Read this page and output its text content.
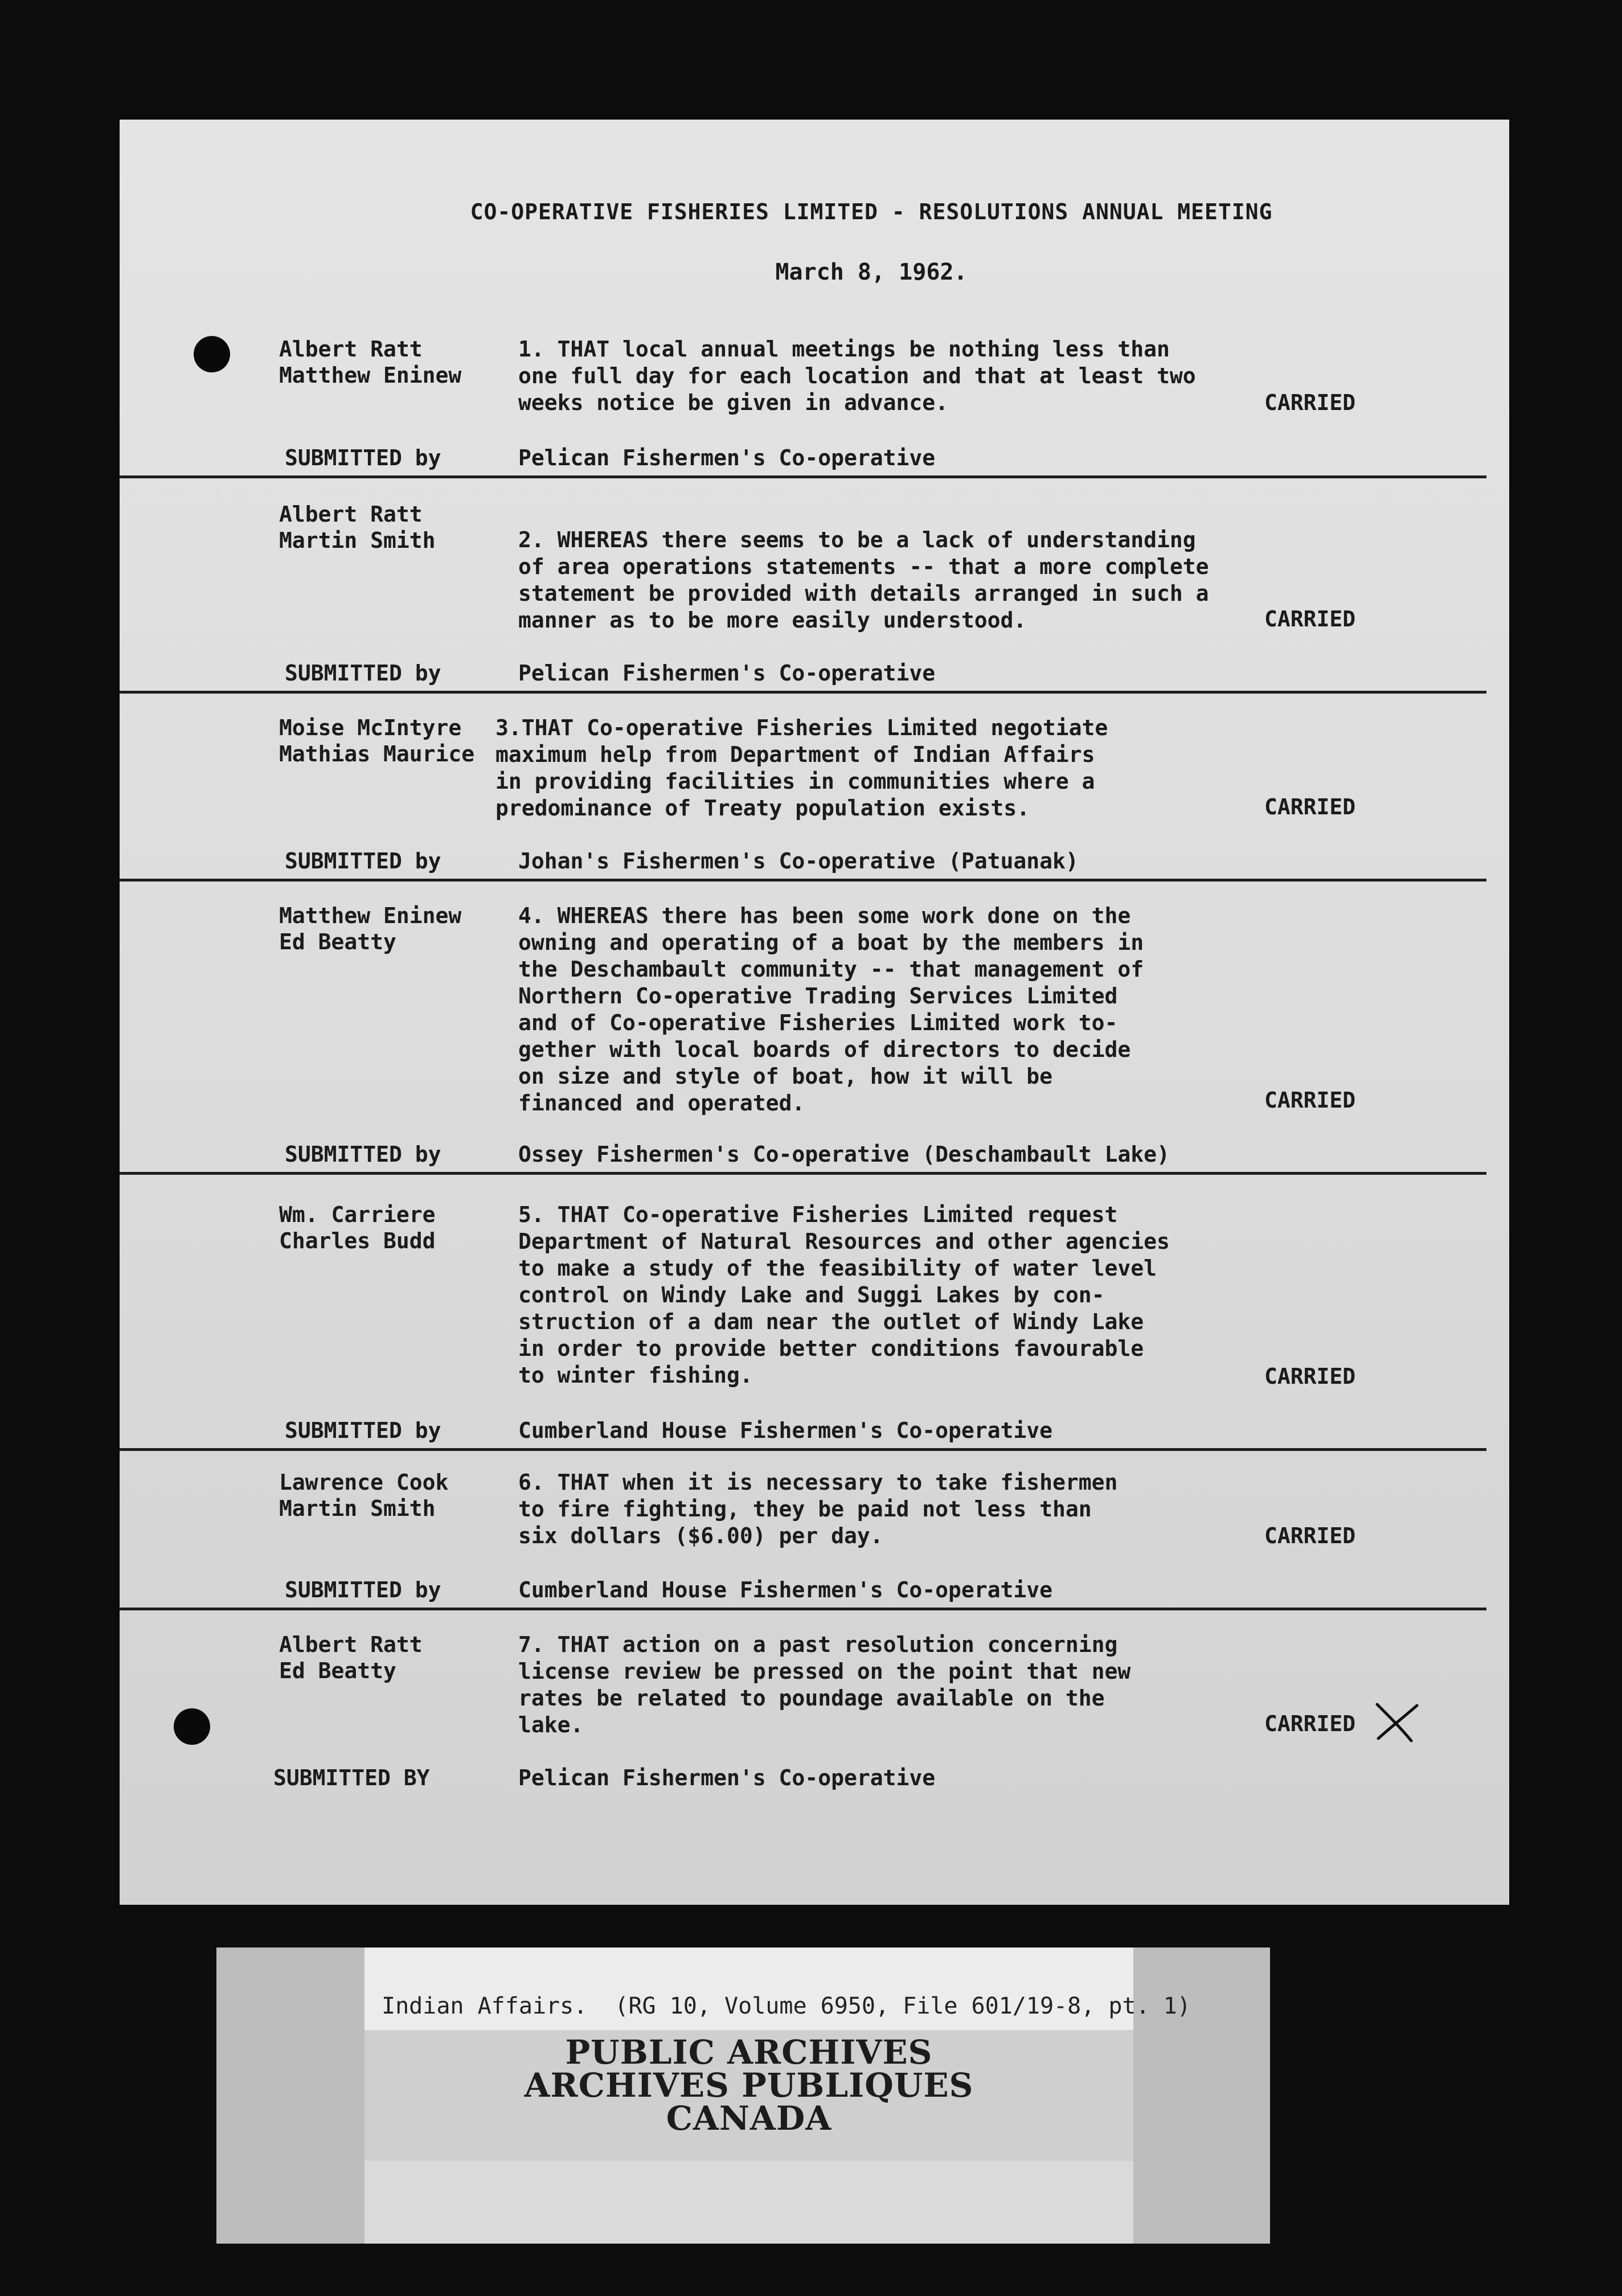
CO-OPERATIVE FISHERIES LIMITED - RESOLUTIONS ANNUAL MEETING
March 8, 1962.
Albert Ratt
Matthew Eninew
1. THAT local annual meetings be nothing less than
one full day for each location and that at least two
weeks notice be given in advance.	CARRIED
SUBMITTED by	Pelican Fishermen's Co-operative
Albert Ratt
Martin Smith	2. WHEREAS there seems to be a lack of understanding
of area operations statements -- that a more complete
statement be provided with details arranged in such a
manner as to be more easily understood.	CARRIED
SUBMITTED by	Pelican Fishermen's Co-operative
Moise McIntyre
Mathias Maurice
3.THAT Co-operative Fisheries Limited negotiate
maximum help from Department of Indian Affairs
in providing facilities in communities where a
predominance of Treaty population exists.	CARRIED
SUBMITTED by	Johan's Fishermen's Co-operative (Patuanak)
Matthew Eninew
Ed Beatty
4. WHEREAS there has been some work done on the
owning and operating of a boat by the members in
the Deschambault community -- that management of
Northern Co-operative Trading Services Limited
and of Co-operative Fisheries Limited work to-
gether with local boards of directors to decide
on size and style of boat, how it will be
financed and operated.	CARRIED
SUBMITTED by	Ossey Fishermen's Co-operative (Deschambault Lake)
Wm. Carriere
Charles Budd
5. THAT Co-operative Fisheries Limited request
Department of Natural Resources and other agencies
to make a study of the feasibility of water level
control on Windy Lake and Suggi Lakes by con-
struction of a dam near the outlet of Windy Lake
in order to provide better conditions favourable
to winter fishing.	CARRIED
SUBMITTED by	Cumberland House Fishermen's Co-operative
Lawrence Cook
Martin Smith
6. THAT when it is necessary to take fishermen
to fire fighting, they be paid not less than
six dollars ($6.00) per day.	CARRIED
SUBMITTED by	Cumberland House Fishermen's Co-operative
Albert Ratt
Ed Beatty
7. THAT action on a past resolution concerning
license review be pressed on the point that new
rates be related to poundage available on the
lake.	CARRIED
SUBMITTED BY	Pelican Fishermen's Co-operative
Indian Affairs.  (RG 10, Volume 6950, File 601/19-8, pt. 1)
PUBLIC ARCHIVES
ARCHIVES PUBLIQUES
CANADA
